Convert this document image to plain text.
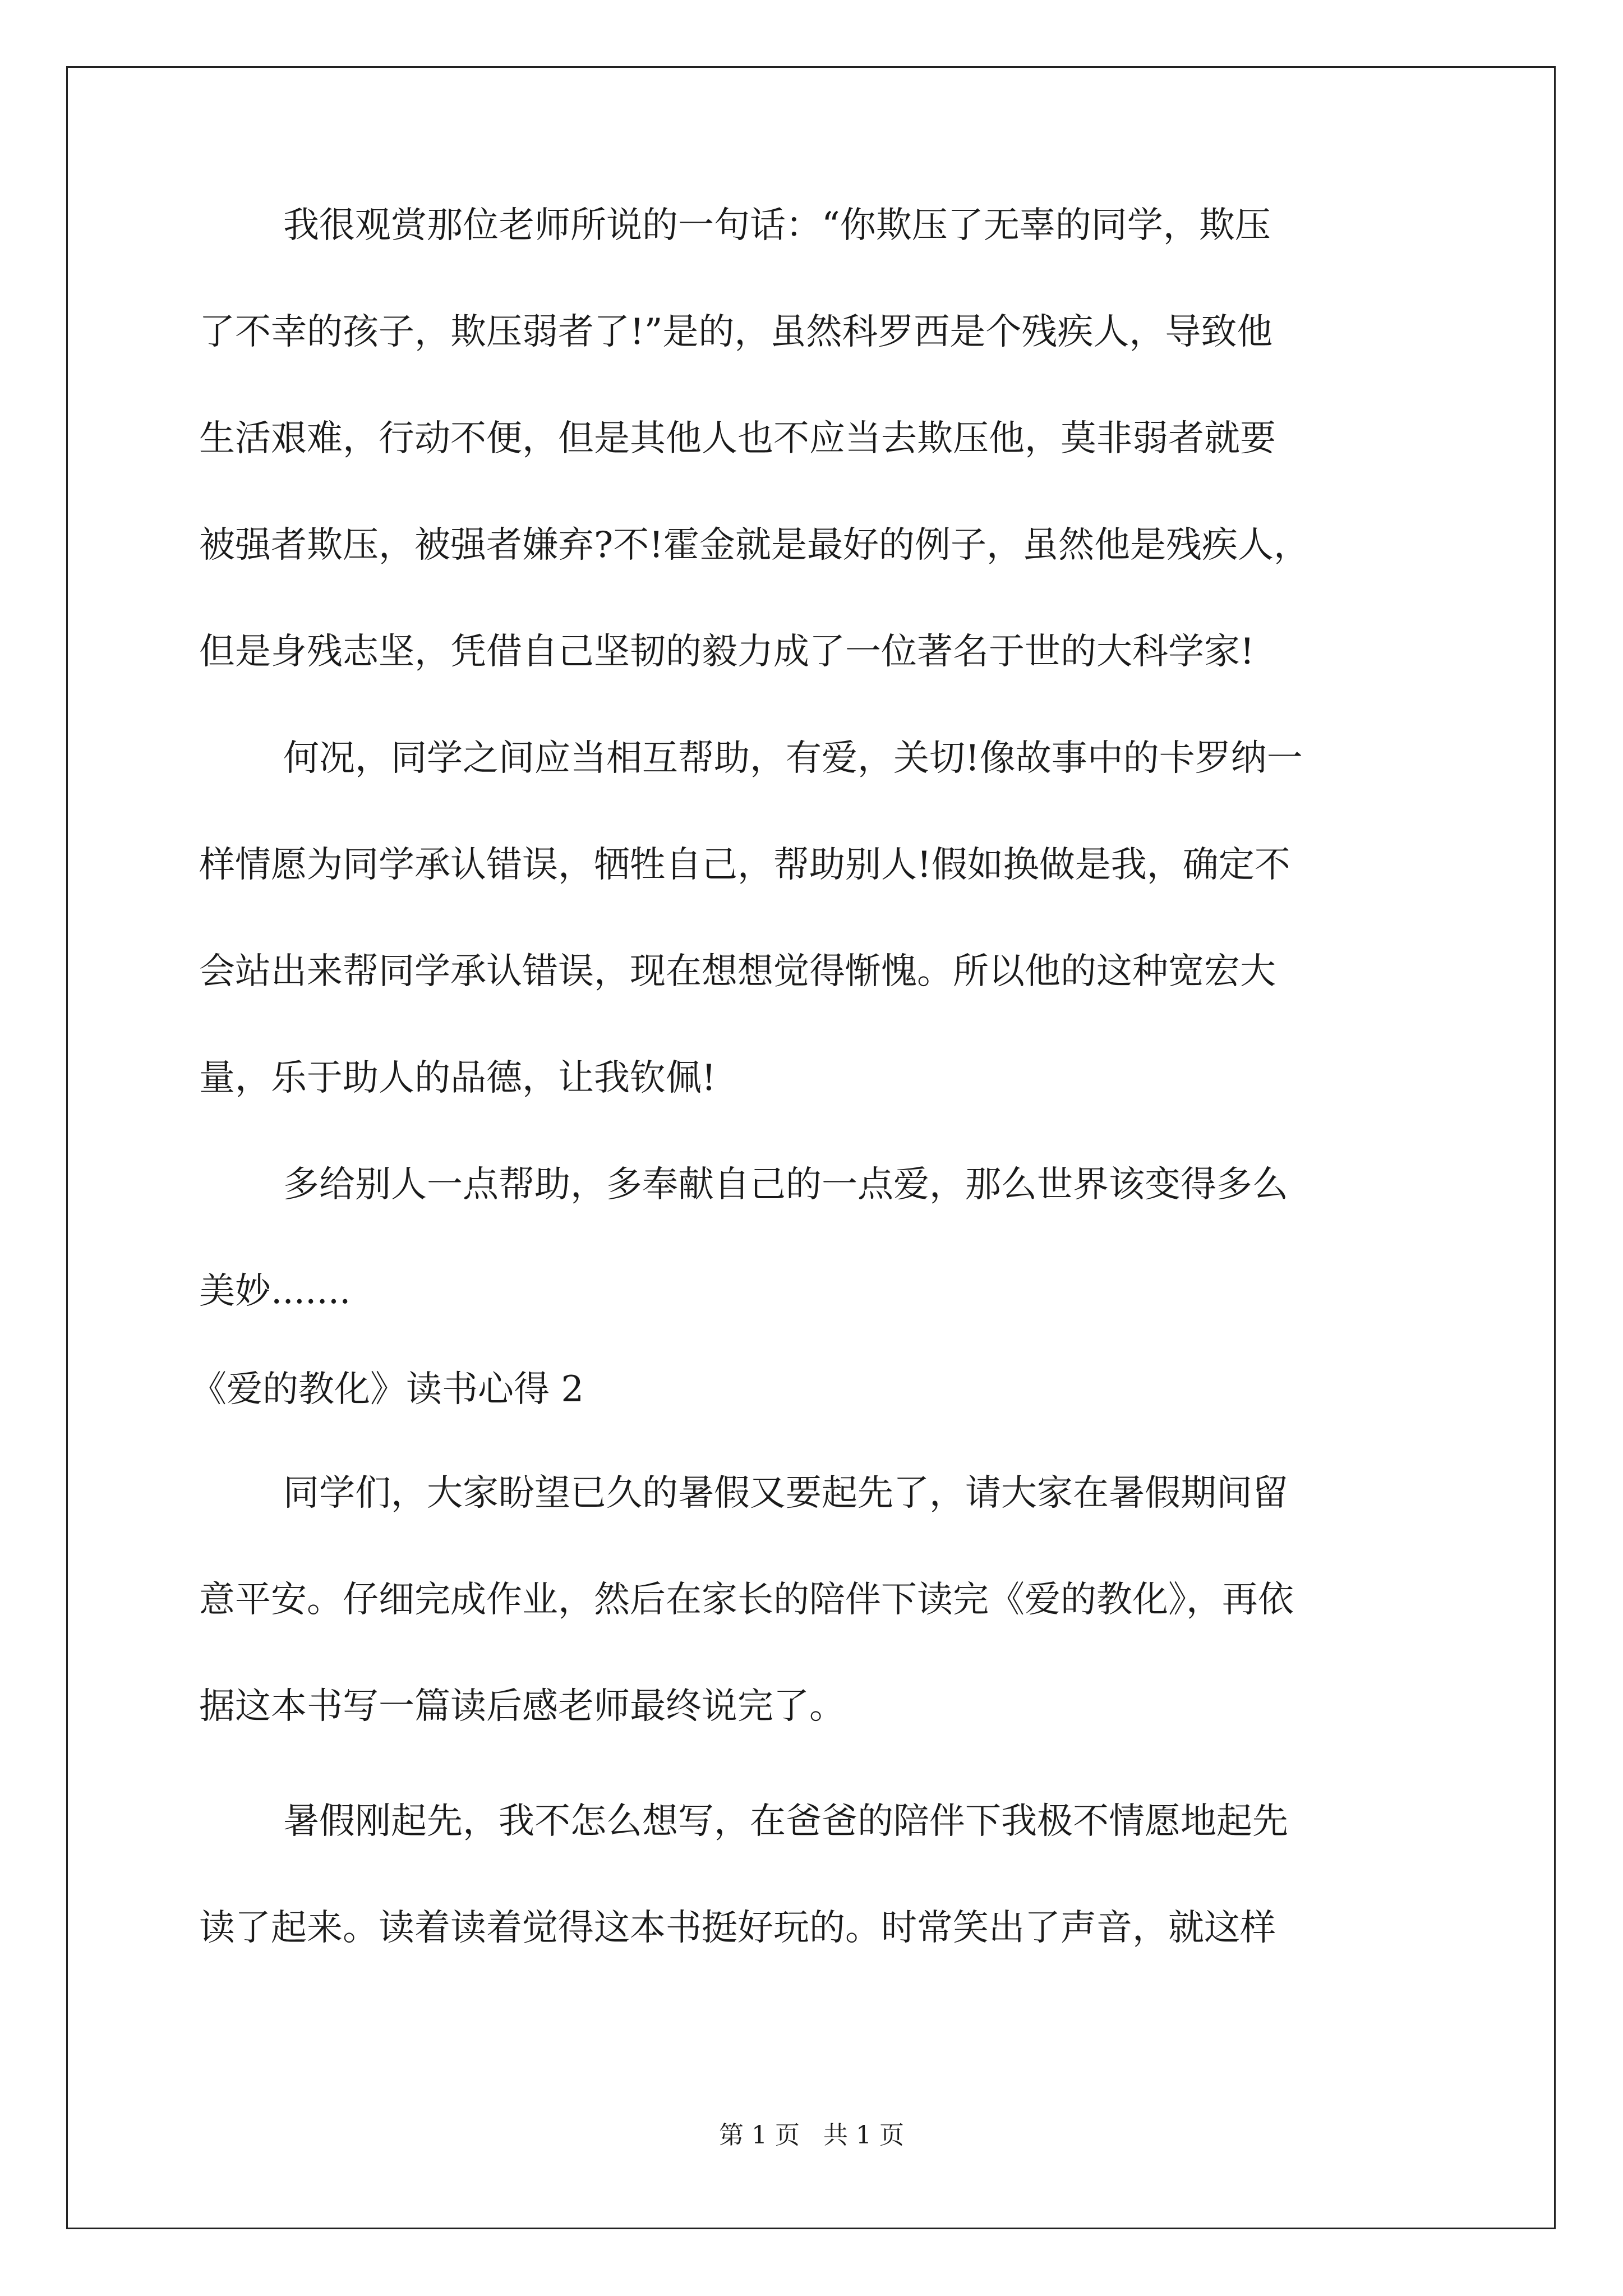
我很观赏那位老师所说的一句话：“你欺压了无辜的同学，欺压
了不幸的孩子，欺压弱者了!”是的，虽然科罗西是个残疾人，导致他
生活艰难，行动不便，但是其他人也不应当去欺压他，莫非弱者就要
被强者欺压，被强者嫌弃?不!霍金就是最好的例子，虽然他是残疾人，
但是身残志坚，凭借自己坚韧的毅力成了一位著名于世的大科学家!
何况，同学之间应当相互帮助，有爱，关切!像故事中的卡罗纳一
样情愿为同学承认错误，牺牲自己，帮助别人!假如换做是我，确定不
会站出来帮同学承认错误，现在想想觉得惭愧。所以他的这种宽宏大
量，乐于助人的品德，让我钦佩!
多给别人一点帮助，多奉献自己的一点爱，那么世界该变得多么
美妙.......
《爱的教化》读书心得 2
同学们，大家盼望已久的暑假又要起先了，请大家在暑假期间留
意平安。仔细完成作业，然后在家长的陪伴下读完《爱的教化》，再依
据这本书写一篇读后感老师最终说完了。
暑假刚起先，我不怎么想写，在爸爸的陪伴下我极不情愿地起先
读了起来。读着读着觉得这本书挺好玩的。时常笑出了声音，就这样
第 1 页   共 1 页
